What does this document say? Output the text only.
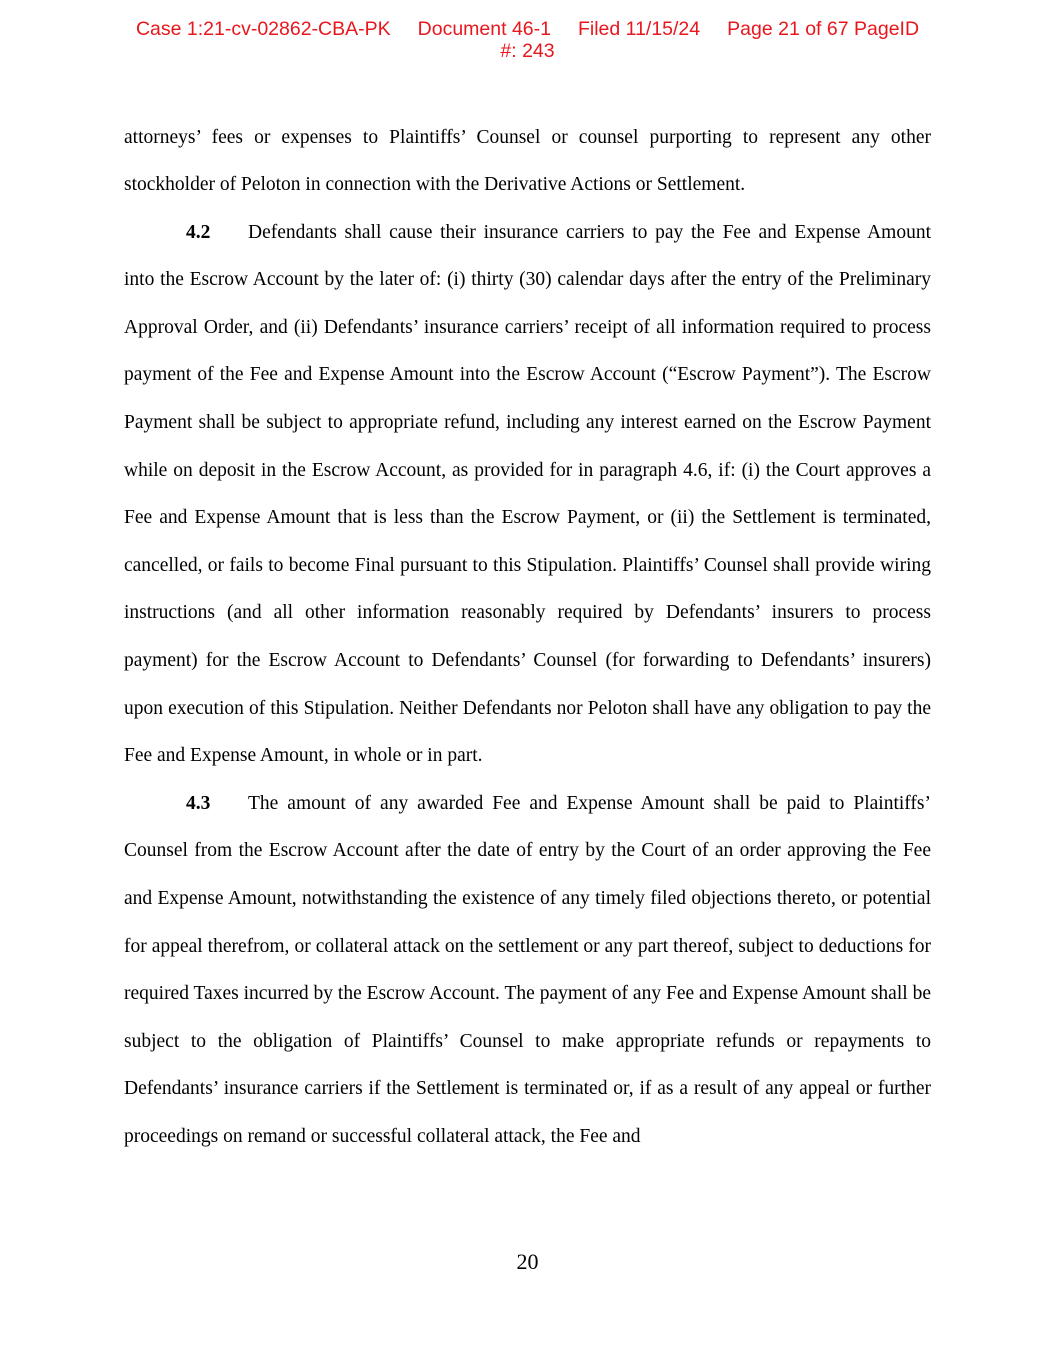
Case 1:21-cv-02862-CBA-PK Document 46-1 Filed 11/15/24 Page 21 of 67 PageID
#: 243

attorneys’ fees or expenses to Plaintiffs’ Counsel or counsel purporting to represent any other stockholder of Peloton in connection with the Derivative Actions or Settlement.

4.2 Defendants shall cause their insurance carriers to pay the Fee and Expense Amount into the Escrow Account by the later of: (i) thirty (30) calendar days after the entry of the Preliminary Approval Order, and (ii) Defendants’ insurance carriers’ receipt of all information required to process payment of the Fee and Expense Amount into the Escrow Account (“Escrow Payment”). The Escrow Payment shall be subject to appropriate refund, including any interest earned on the Escrow Payment while on deposit in the Escrow Account, as provided for in paragraph 4.6, if: (i) the Court approves a Fee and Expense Amount that is less than the Escrow Payment, or (ii) the Settlement is terminated, cancelled, or fails to become Final pursuant to this Stipulation. Plaintiffs’ Counsel shall provide wiring instructions (and all other information reasonably required by Defendants’ insurers to process payment) for the Escrow Account to Defendants’ Counsel (for forwarding to Defendants’ insurers) upon execution of this Stipulation. Neither Defendants nor Peloton shall have any obligation to pay the Fee and Expense Amount, in whole or in part.

4.3 The amount of any awarded Fee and Expense Amount shall be paid to Plaintiffs’ Counsel from the Escrow Account after the date of entry by the Court of an order approving the Fee and Expense Amount, notwithstanding the existence of any timely filed objections thereto, or potential for appeal therefrom, or collateral attack on the settlement or any part thereof, subject to deductions for required Taxes incurred by the Escrow Account. The payment of any Fee and Expense Amount shall be subject to the obligation of Plaintiffs’ Counsel to make appropriate refunds or repayments to Defendants’ insurance carriers if the Settlement is terminated or, if as a result of any appeal or further proceedings on remand or successful collateral attack, the Fee and

20
